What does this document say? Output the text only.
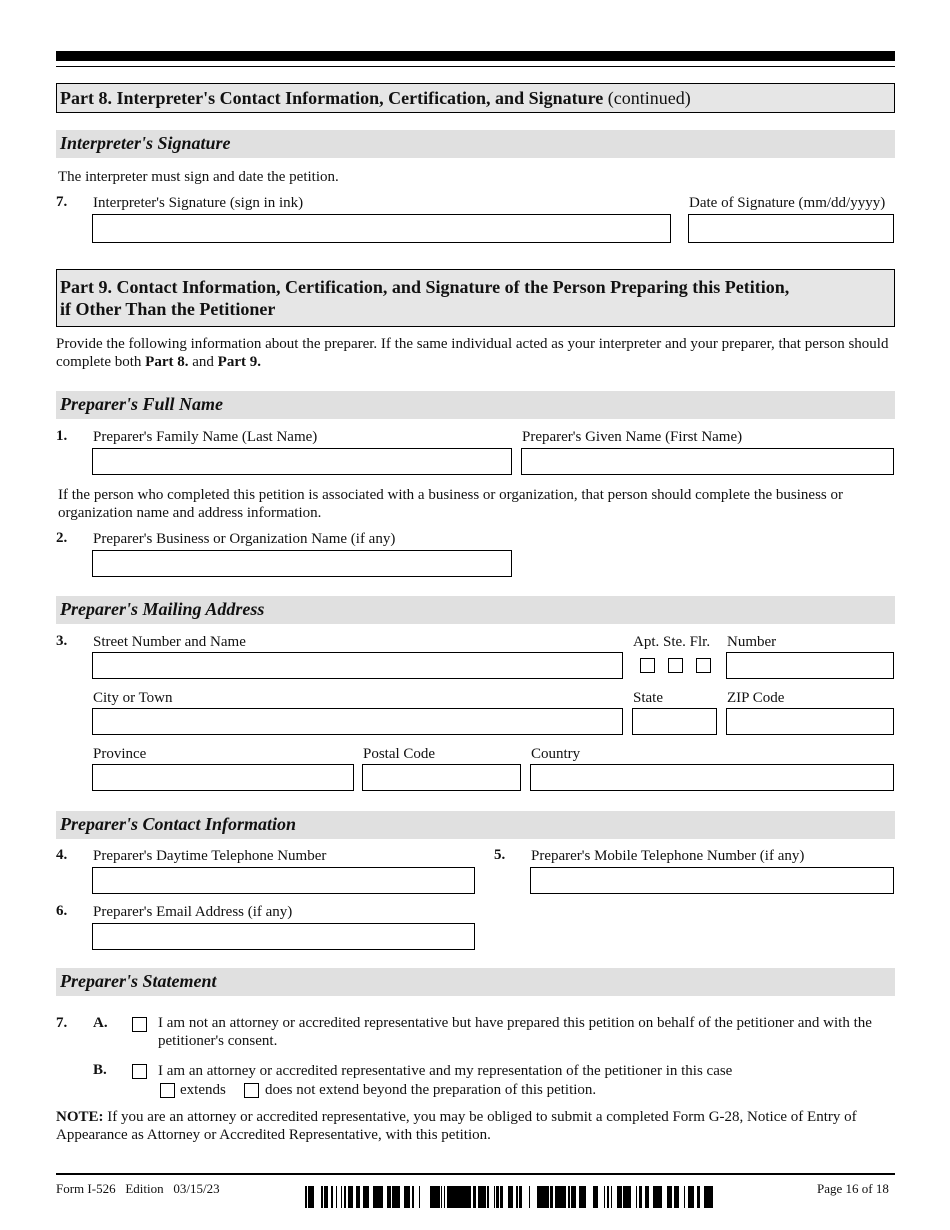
Part 8. Interpreter's Contact Information, Certification, and Signature (continued)
Interpreter's Signature
The interpreter must sign and date the petition.
7. Interpreter's Signature (sign in ink)	Date of Signature (mm/dd/yyyy)
Part 9. Contact Information, Certification, and Signature of the Person Preparing this Petition,
if Other Than the Petitioner
Provide the following information about the preparer. If the same individual acted as your interpreter and your preparer, that person should complete both Part 8. and Part 9.
Preparer's Full Name
1. Preparer's Family Name (Last Name)	Preparer's Given Name (First Name)
If the person who completed this petition is associated with a business or organization, that person should complete the business or organization name and address information.
2. Preparer's Business or Organization Name (if any)
Preparer's Mailing Address
3. Street Number and Name	Apt. Ste. Flr. Number
City or Town	State	ZIP Code
Province	Postal Code	Country
Preparer's Contact Information
4. Preparer's Daytime Telephone Number	5. Preparer's Mobile Telephone Number (if any)
6. Preparer's Email Address (if any)
Preparer's Statement
7. A.	I am not an attorney or accredited representative but have prepared this petition on behalf of the petitioner and with the petitioner's consent.
B.	I am an attorney or accredited representative and my representation of the petitioner in this case
extends	does not extend beyond the preparation of this petition.
NOTE: If you are an attorney or accredited representative, you may be obliged to submit a completed Form G-28, Notice of Entry of Appearance as Attorney or Accredited Representative, with this petition.
Form I-526   Edition   03/15/23	Page 16 of 18
